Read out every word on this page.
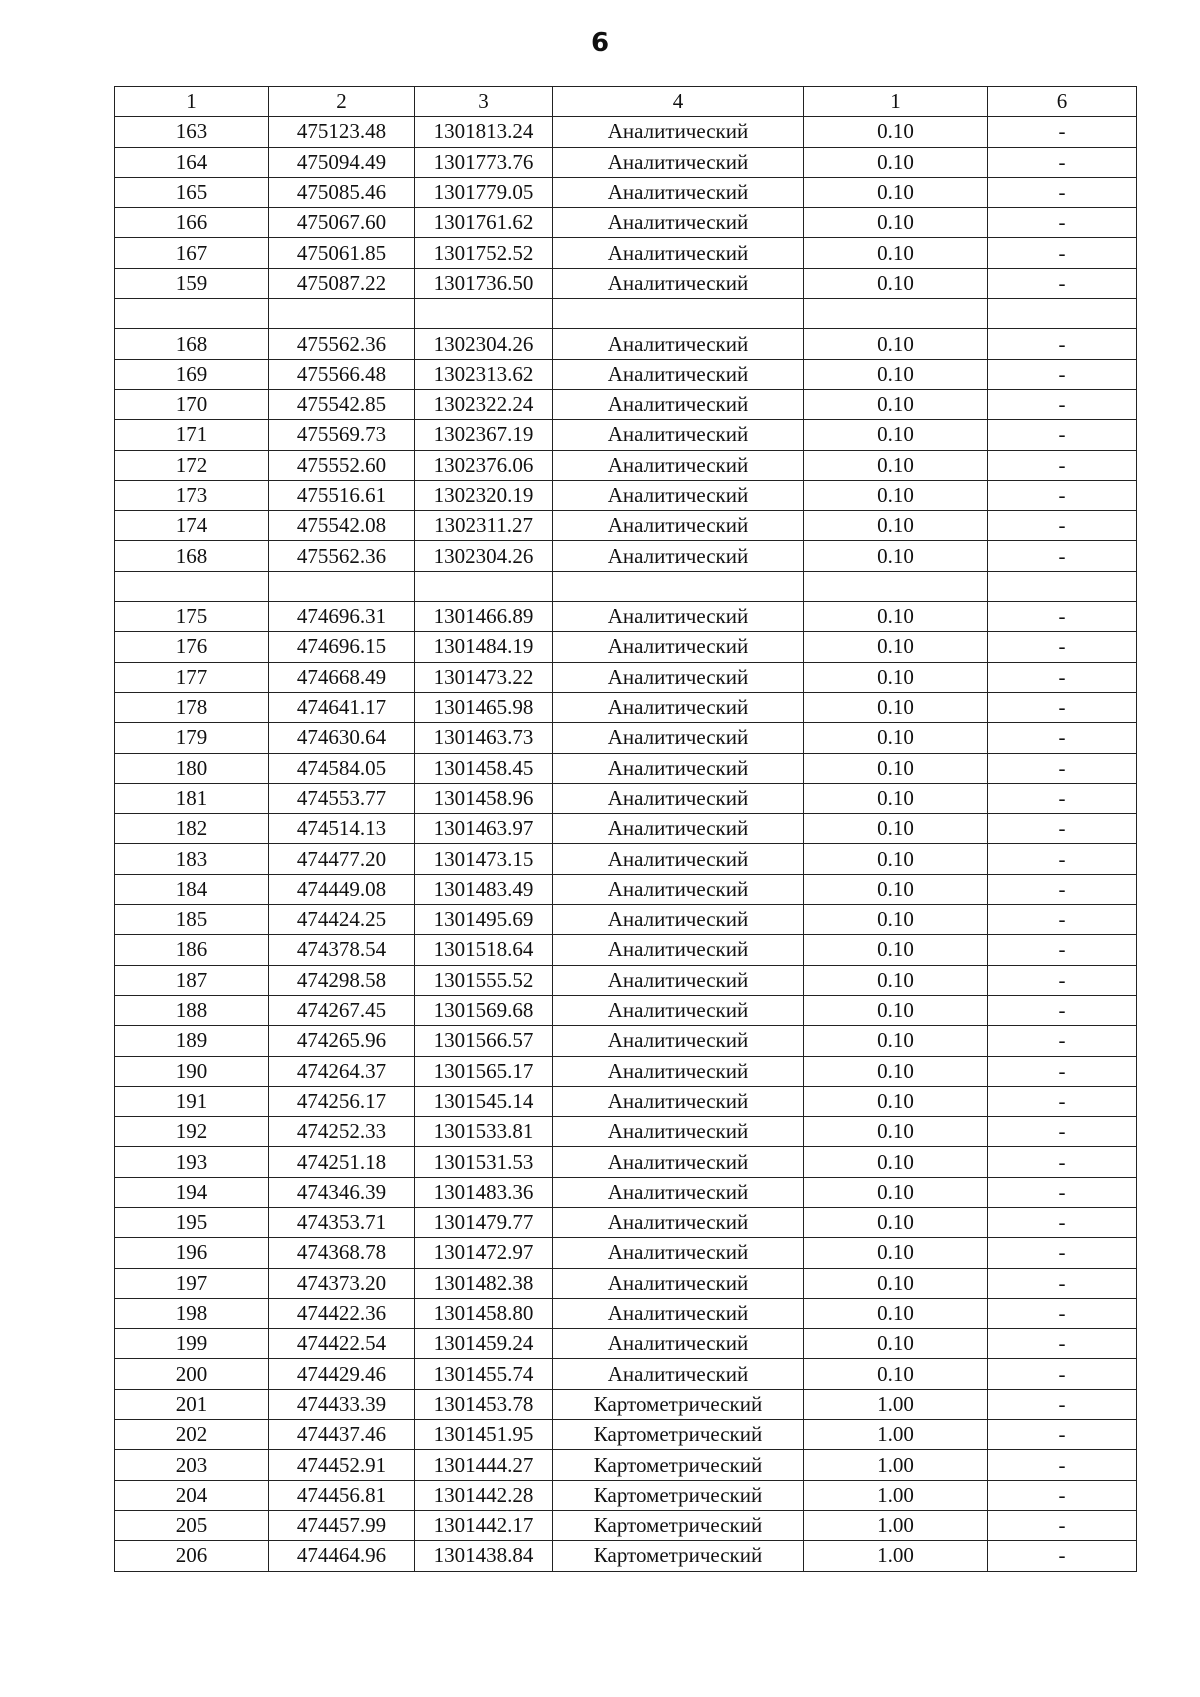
6
1	2	3	4	1	6
163	475123.48	1301813.24	Аналитический	0.10	-
164	475094.49	1301773.76	Аналитический	0.10	-
165	475085.46	1301779.05	Аналитический	0.10	-
166	475067.60	1301761.62	Аналитический	0.10	-
167	475061.85	1301752.52	Аналитический	0.10	-
159	475087.22	1301736.50	Аналитический	0.10	-

168	475562.36	1302304.26	Аналитический	0.10	-
169	475566.48	1302313.62	Аналитический	0.10	-
170	475542.85	1302322.24	Аналитический	0.10	-
171	475569.73	1302367.19	Аналитический	0.10	-
172	475552.60	1302376.06	Аналитический	0.10	-
173	475516.61	1302320.19	Аналитический	0.10	-
174	475542.08	1302311.27	Аналитический	0.10	-
168	475562.36	1302304.26	Аналитический	0.10	-

175	474696.31	1301466.89	Аналитический	0.10	-
176	474696.15	1301484.19	Аналитический	0.10	-
177	474668.49	1301473.22	Аналитический	0.10	-
178	474641.17	1301465.98	Аналитический	0.10	-
179	474630.64	1301463.73	Аналитический	0.10	-
180	474584.05	1301458.45	Аналитический	0.10	-
181	474553.77	1301458.96	Аналитический	0.10	-
182	474514.13	1301463.97	Аналитический	0.10	-
183	474477.20	1301473.15	Аналитический	0.10	-
184	474449.08	1301483.49	Аналитический	0.10	-
185	474424.25	1301495.69	Аналитический	0.10	-
186	474378.54	1301518.64	Аналитический	0.10	-
187	474298.58	1301555.52	Аналитический	0.10	-
188	474267.45	1301569.68	Аналитический	0.10	-
189	474265.96	1301566.57	Аналитический	0.10	-
190	474264.37	1301565.17	Аналитический	0.10	-
191	474256.17	1301545.14	Аналитический	0.10	-
192	474252.33	1301533.81	Аналитический	0.10	-
193	474251.18	1301531.53	Аналитический	0.10	-
194	474346.39	1301483.36	Аналитический	0.10	-
195	474353.71	1301479.77	Аналитический	0.10	-
196	474368.78	1301472.97	Аналитический	0.10	-
197	474373.20	1301482.38	Аналитический	0.10	-
198	474422.36	1301458.80	Аналитический	0.10	-
199	474422.54	1301459.24	Аналитический	0.10	-
200	474429.46	1301455.74	Аналитический	0.10	-
201	474433.39	1301453.78	Картометрический	1.00	-
202	474437.46	1301451.95	Картометрический	1.00	-
203	474452.91	1301444.27	Картометрический	1.00	-
204	474456.81	1301442.28	Картометрический	1.00	-
205	474457.99	1301442.17	Картометрический	1.00	-
206	474464.96	1301438.84	Картометрический	1.00	-
